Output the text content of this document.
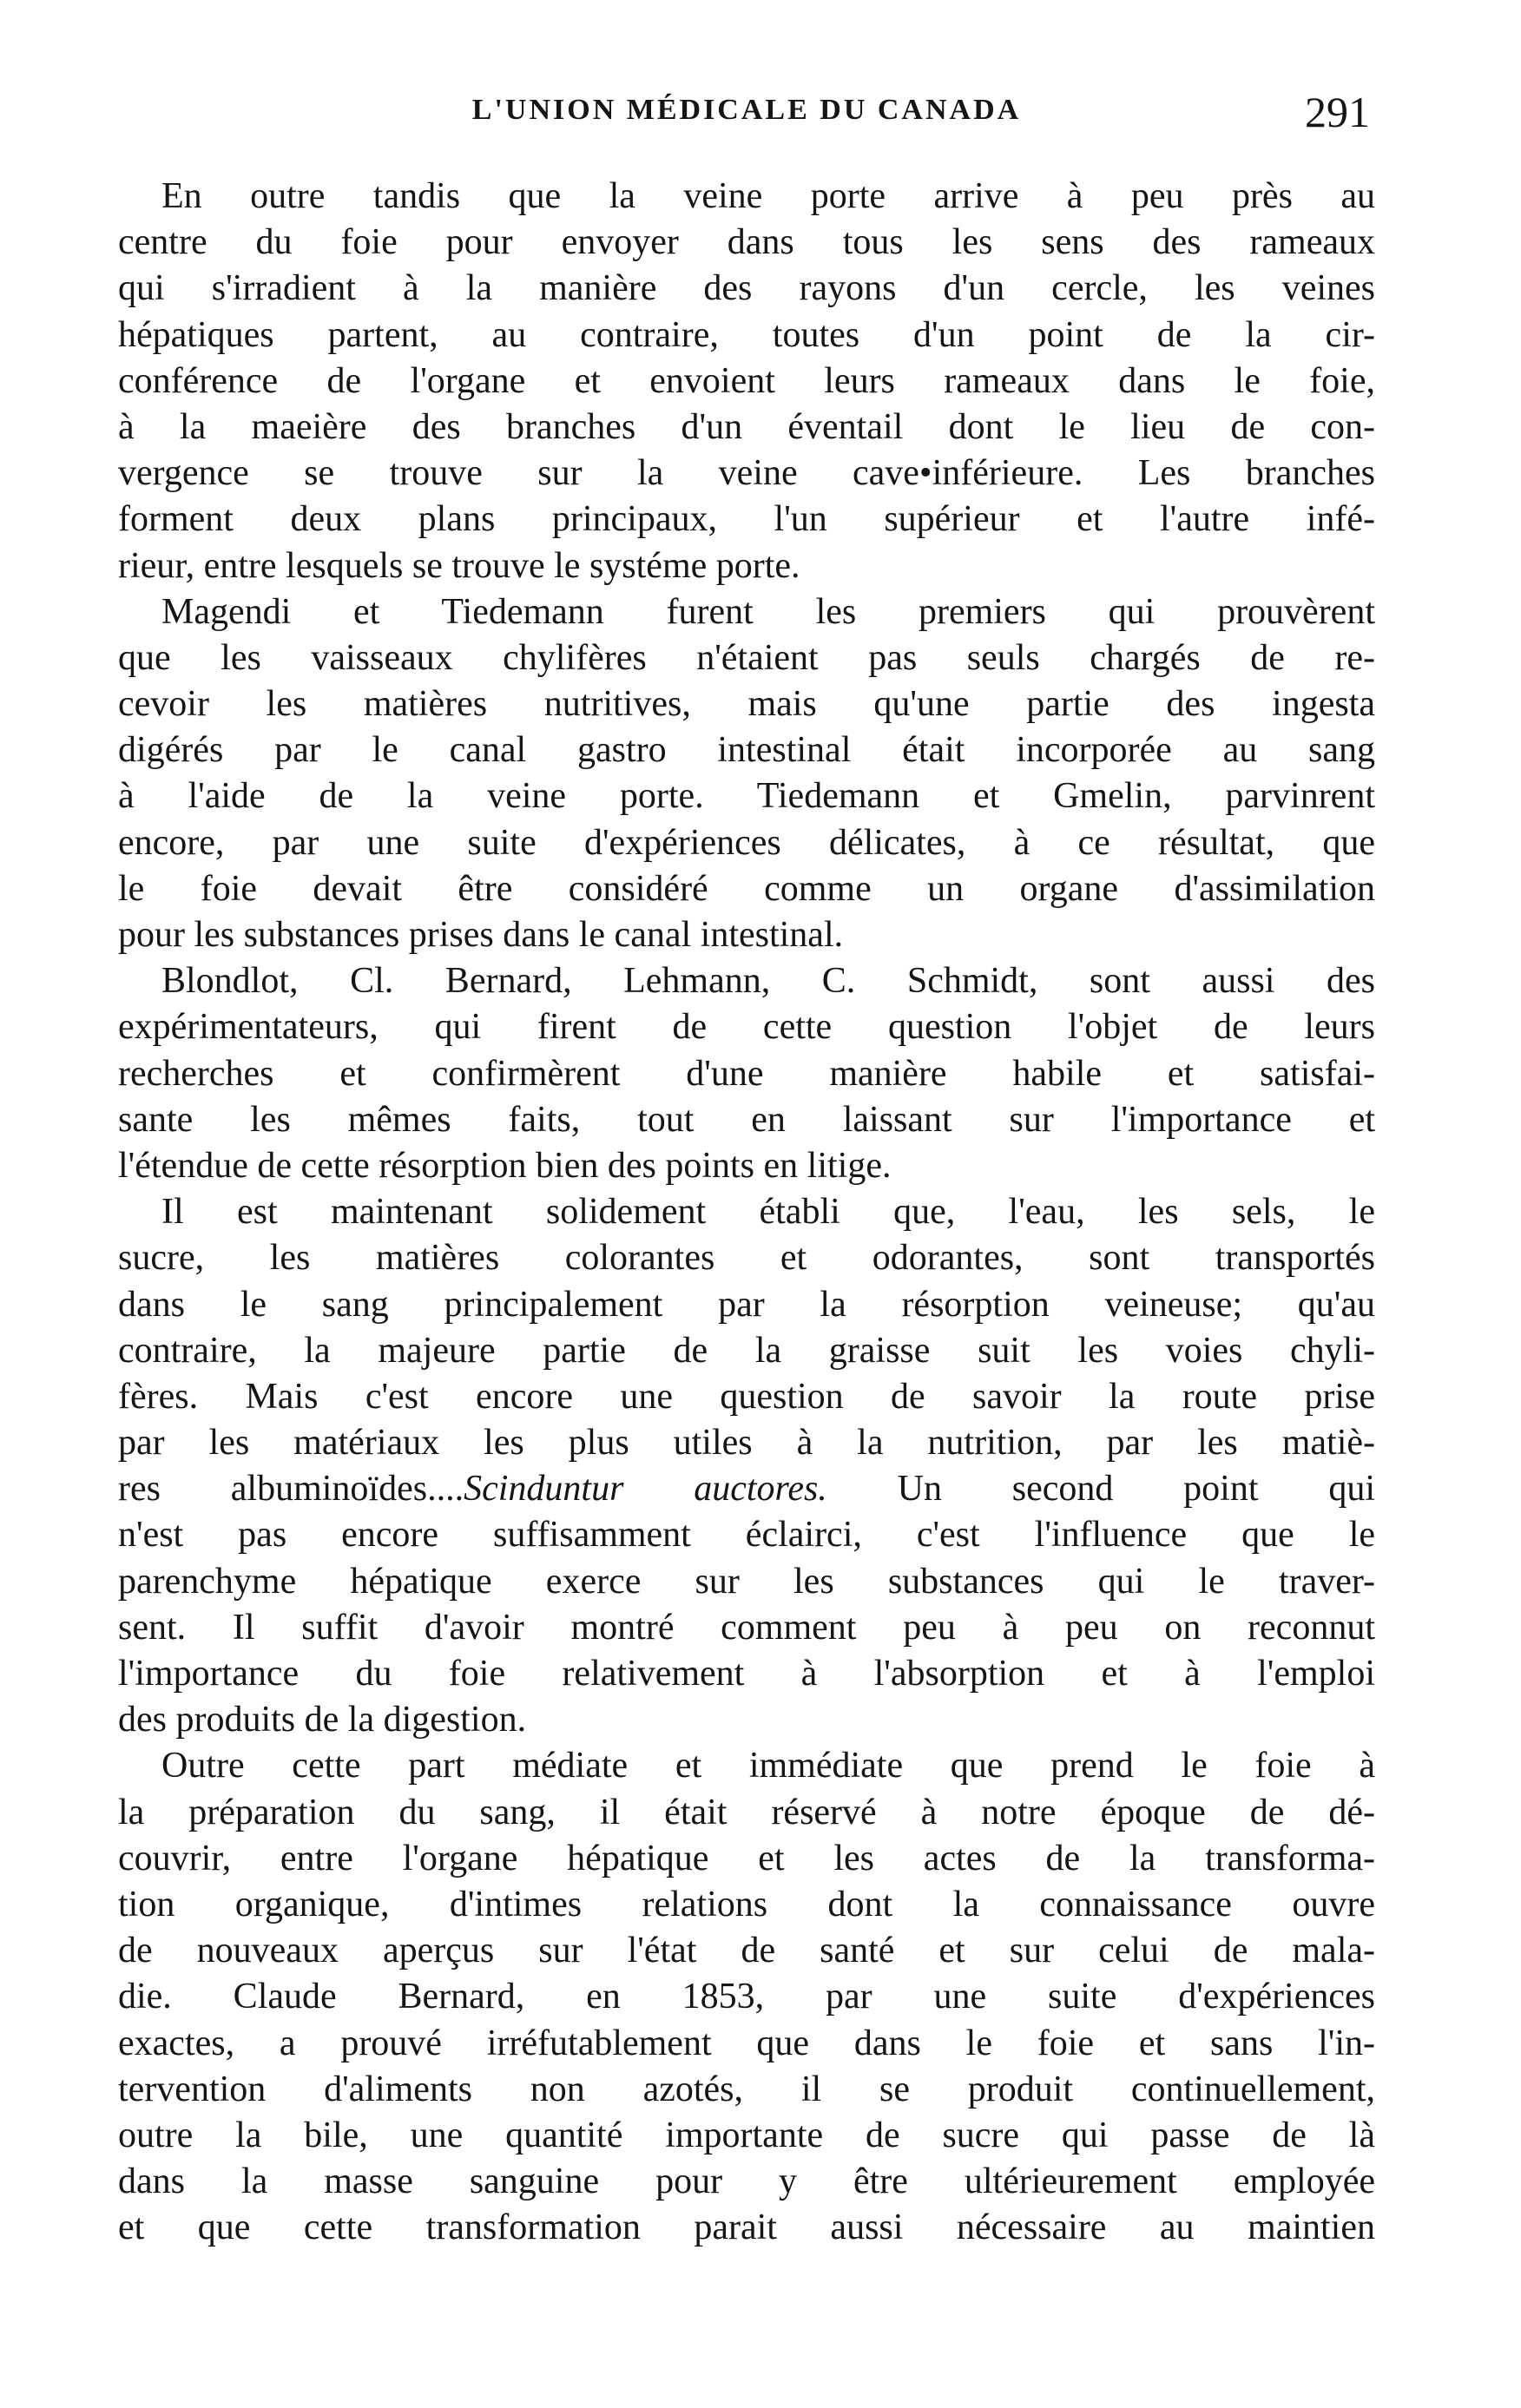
L'UNION MÉDICALE DU CANADA	291
En outre tandis que la veine porte arrive à peu près au
centre du foie pour envoyer dans tous les sens des rameaux
qui s'irradient à la manière des rayons d'un cercle, les veines
hépatiques partent, au contraire, toutes d'un point de la cir-
conférence de l'organe et envoient leurs rameaux dans le foie,
à la maeière des branches d'un éventail dont le lieu de con-
vergence se trouve sur la veine cave•inférieure. Les branches
forment deux plans principaux, l'un supérieur et l'autre infé-
rieur, entre lesquels se trouve le systéme porte.
Magendi et Tiedemann furent les premiers qui prouvèrent
que les vaisseaux chylifères n'étaient pas seuls chargés de re-
cevoir les matières nutritives, mais qu'une partie des ingesta
digérés par le canal gastro intestinal était incorporée au sang
à l'aide de la veine porte. Tiedemann et Gmelin, parvinrent
encore, par une suite d'expériences délicates, à ce résultat, que
le foie devait être considéré comme un organe d'assimilation
pour les substances prises dans le canal intestinal.
Blondlot, Cl. Bernard, Lehmann, C. Schmidt, sont aussi des
expérimentateurs, qui firent de cette question l'objet de leurs
recherches et confirmèrent d'une manière habile et satisfai-
sante les mêmes faits, tout en laissant sur l'importance et
l'étendue de cette résorption bien des points en litige.
Il est maintenant solidement établi que, l'eau, les sels, le
sucre, les matières colorantes et odorantes, sont transportés
dans le sang principalement par la résorption veineuse; qu'au
contraire, la majeure partie de la graisse suit les voies chyli-
fères. Mais c'est encore une question de savoir la route prise
par les matériaux les plus utiles à la nutrition, par les matiè-
res albuminoïdes....Scinduntur auctores. Un second point qui
n'est pas encore suffisamment éclairci, c'est l'influence que le
parenchyme hépatique exerce sur les substances qui le traver-
sent. Il suffit d'avoir montré comment peu à peu on reconnut
l'importance du foie relativement à l'absorption et à l'emploi
des produits de la digestion.
Outre cette part médiate et immédiate que prend le foie à
la préparation du sang, il était réservé à notre époque de dé-
couvrir, entre l'organe hépatique et les actes de la transforma-
tion organique, d'intimes relations dont la connaissance ouvre
de nouveaux aperçus sur l'état de santé et sur celui de mala-
die. Claude Bernard, en 1853, par une suite d'expériences
exactes, a prouvé irréfutablement que dans le foie et sans l'in-
tervention d'aliments non azotés, il se produit continuellement,
outre la bile, une quantité importante de sucre qui passe de là
dans la masse sanguine pour y être ultérieurement employée
et que cette transformation parait aussi nécessaire au maintien
